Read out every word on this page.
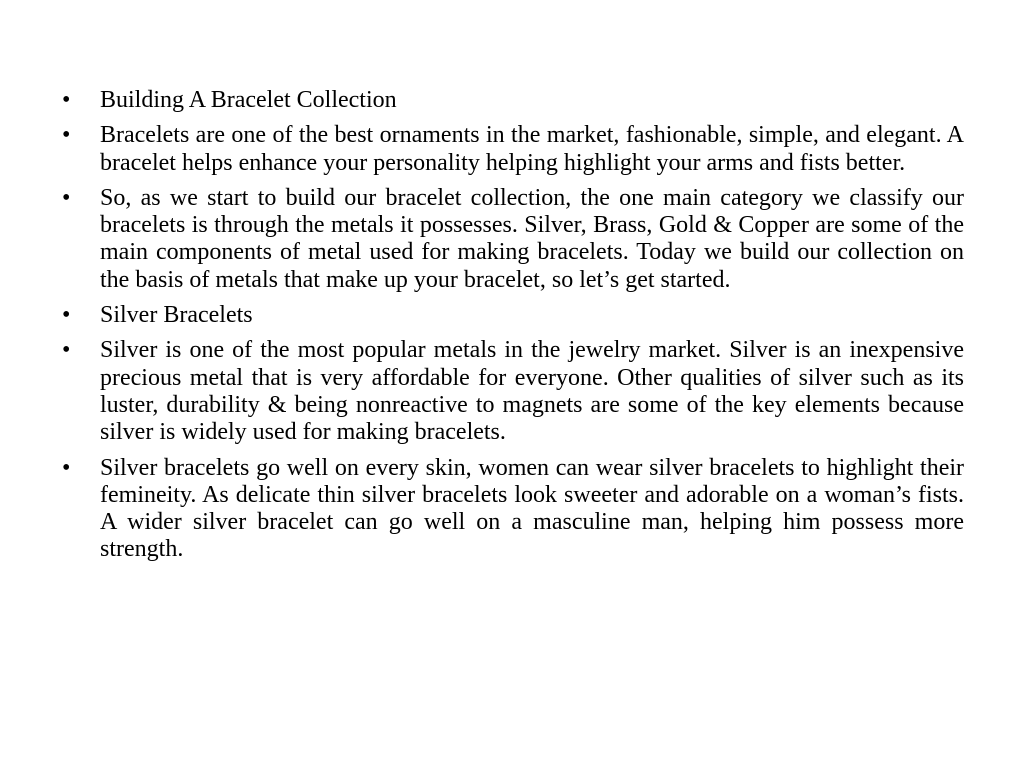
•	Building A Bracelet Collection
•	Bracelets are one of the best ornaments in the market, fashionable, simple, and elegant. A bracelet helps enhance your personality helping highlight your arms and fists better.
•	So, as we start to build our bracelet collection, the one main category we classify our bracelets is through the metals it possesses. Silver, Brass, Gold & Copper are some of the main components of metal used for making bracelets. Today we build our collection on the basis of metals that make up your bracelet, so let’s get started.
•	Silver Bracelets
•	Silver is one of the most popular metals in the jewelry market. Silver is an inexpensive precious metal that is very affordable for everyone. Other qualities of silver such as its luster, durability & being nonreactive to magnets are some of the key elements because silver is widely used for making bracelets.
•	Silver bracelets go well on every skin, women can wear silver bracelets to highlight their femineity. As delicate thin silver bracelets look sweeter and adorable on a woman’s fists. A wider silver bracelet can go well on a masculine man, helping him possess more strength.
